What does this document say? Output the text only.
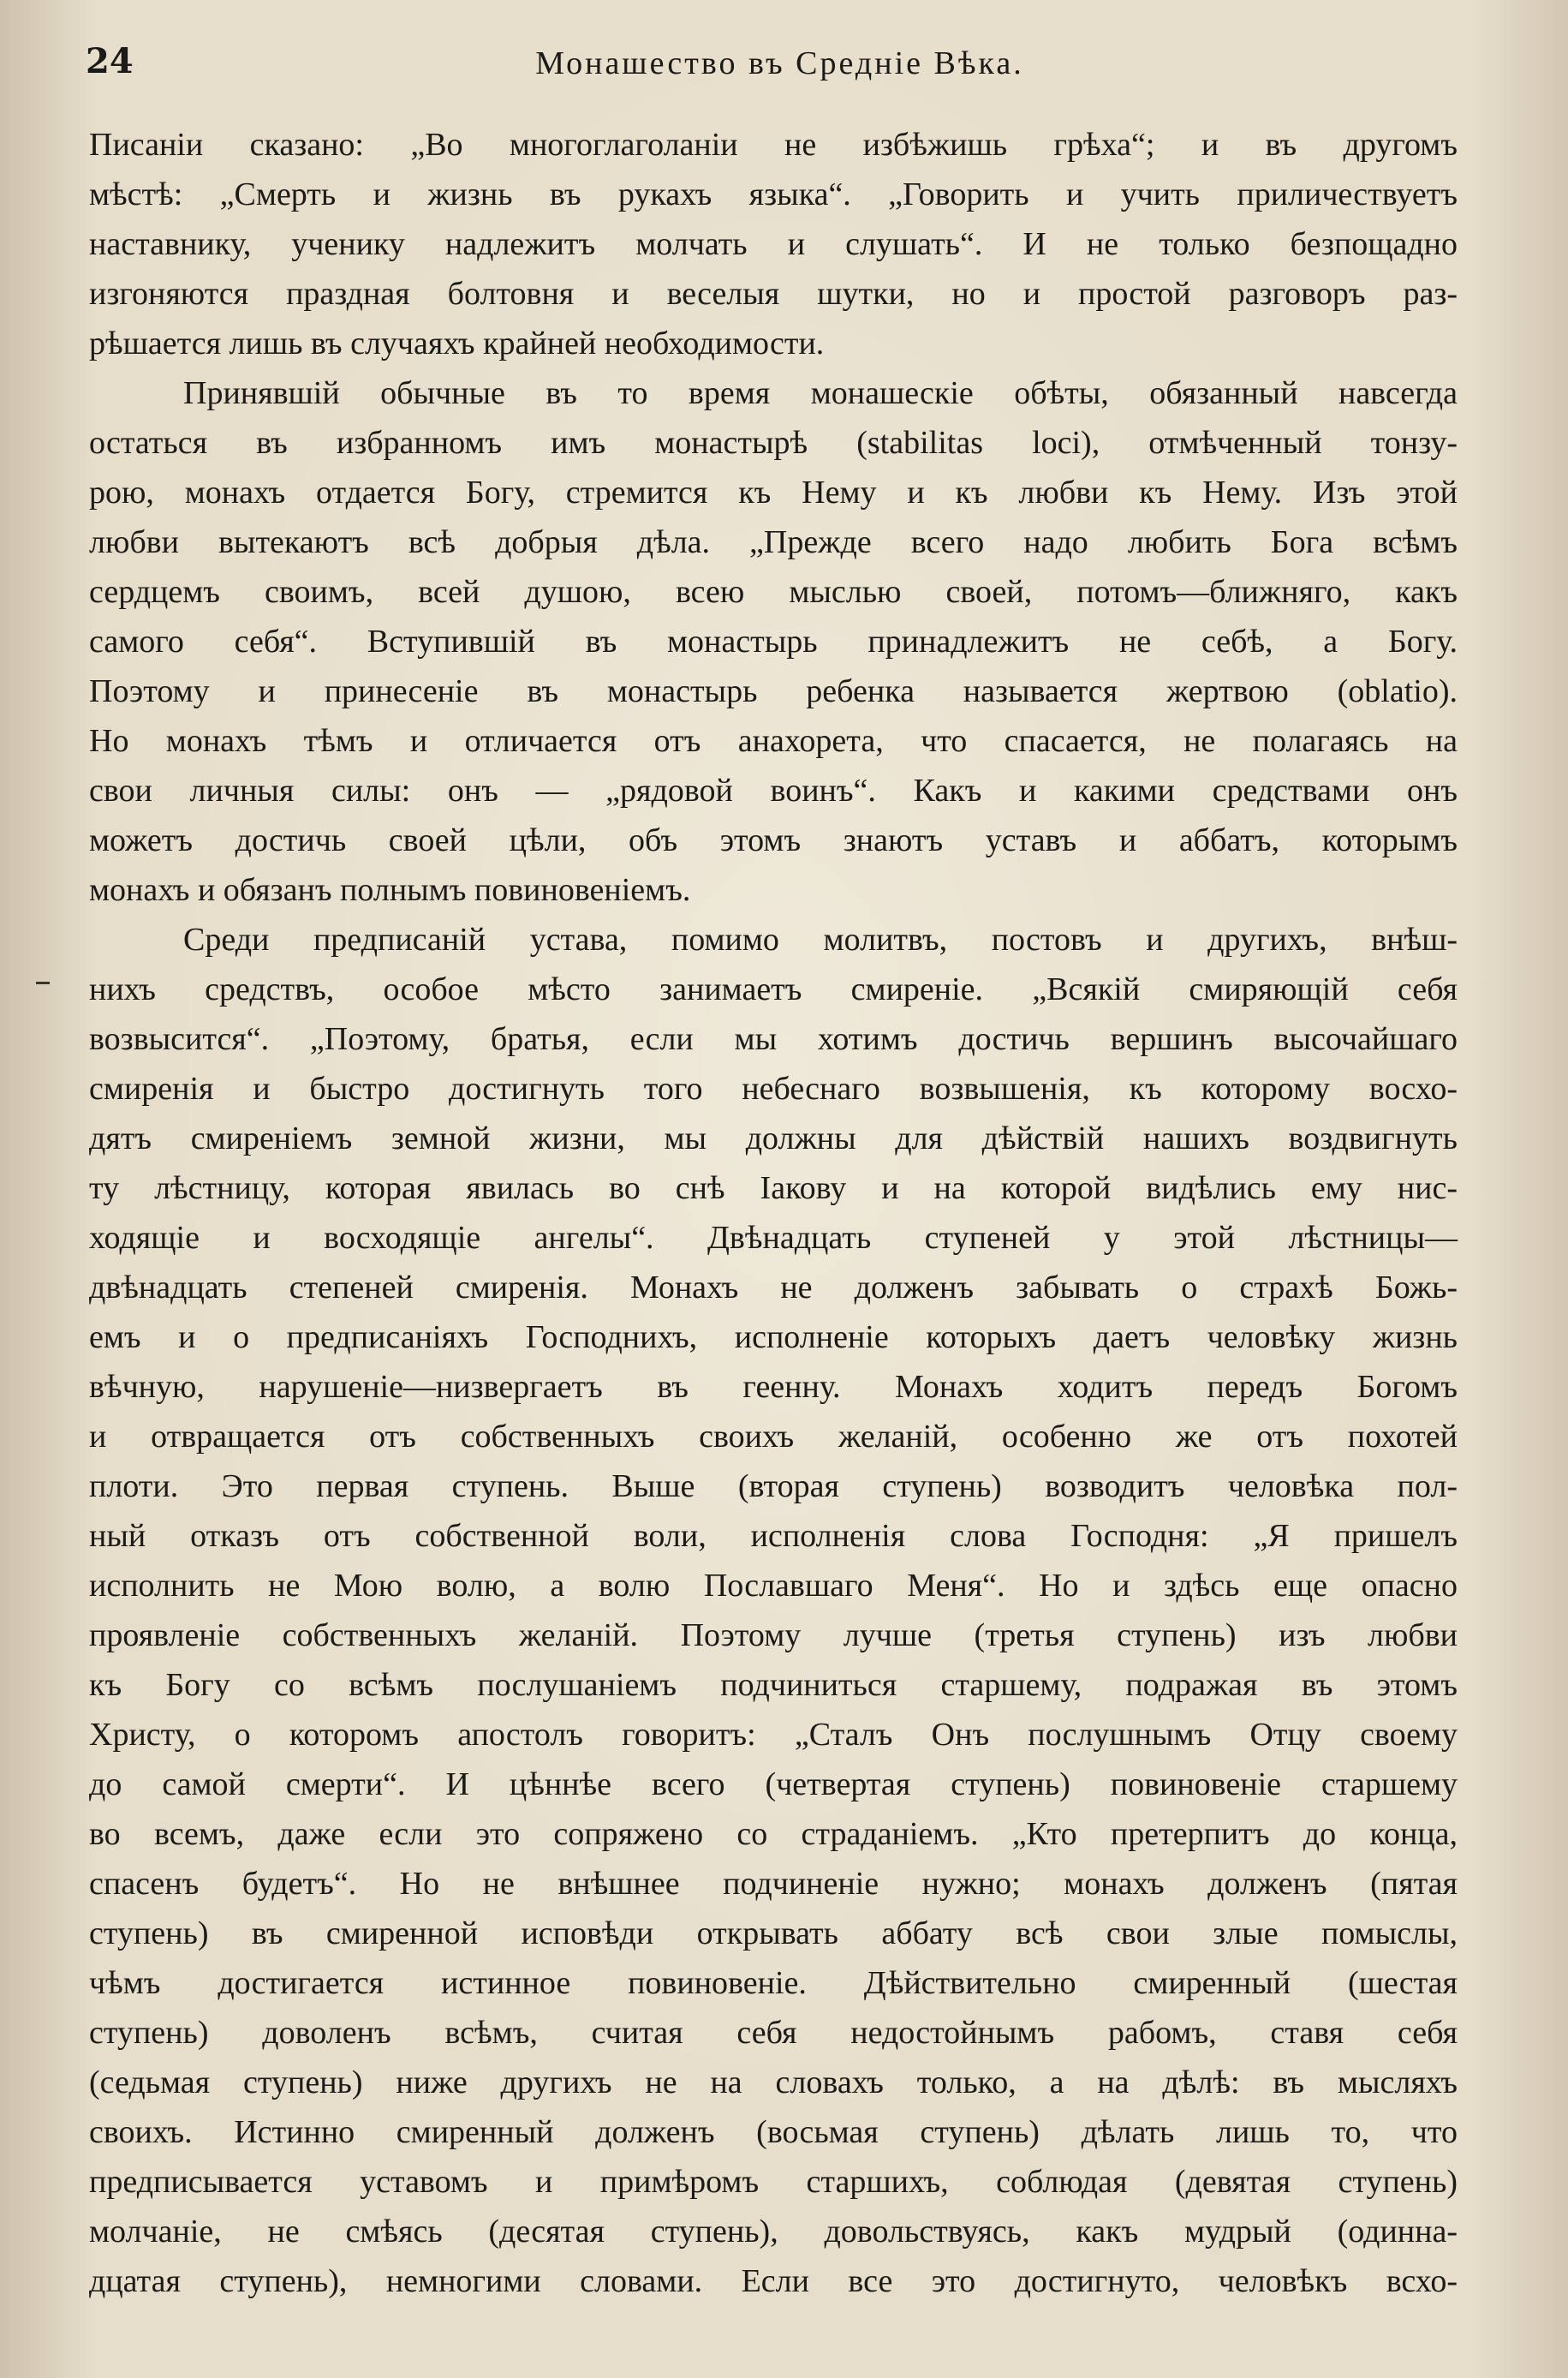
24	Монашество въ Средніе Вѣка.
Писаніи сказано: „Во многоглаголаніи не избѣжишь грѣха“; и въ другомъ
мѣстѣ: „Смерть и жизнь въ рукахъ языка“. „Говорить и учить приличествуетъ
наставнику, ученику надлежитъ молчать и слушать“. И не только безпощадно
изгоняются праздная болтовня и веселыя шутки, но и простой разговоръ раз-
рѣшается лишь въ случаяхъ крайней необходимости.
Принявшій обычные въ то время монашескіе обѣты, обязанный навсегда
остаться въ избранномъ имъ монастырѣ (stabilitas loci), отмѣченный тонзу-
рою, монахъ отдается Богу, стремится къ Нему и къ любви къ Нему. Изъ этой
любви вытекаютъ всѣ добрыя дѣла. „Прежде всего надо любить Бога всѣмъ
сердцемъ своимъ, всей душою, всею мыслью своей, потомъ—ближняго, какъ
самого себя“. Вступившій въ монастырь принадлежитъ не себѣ, а Богу.
Поэтому и принесеніе въ монастырь ребенка называется жертвою (oblatio).
Но монахъ тѣмъ и отличается отъ анахорета, что спасается, не полагаясь на
свои личныя силы: онъ — „рядовой воинъ“. Какъ и какими средствами онъ
можетъ достичь своей цѣли, объ этомъ знаютъ уставъ и аббатъ, которымъ
монахъ и обязанъ полнымъ повиновеніемъ.
Среди предписаній устава, помимо молитвъ, постовъ и другихъ, внѣш-
нихъ средствъ, особое мѣсто занимаетъ смиреніе. „Всякій смиряющій себя
возвысится“. „Поэтому, братья, если мы хотимъ достичь вершинъ высочайшаго
смиренія и быстро достигнуть того небеснаго возвышенія, къ которому восхо-
дятъ смиреніемъ земной жизни, мы должны для дѣйствій нашихъ воздвигнуть
ту лѣстницу, которая явилась во снѣ Іакову и на которой видѣлись ему нис-
ходящіе и восходящіе ангелы“. Двѣнадцать ступеней у этой лѣстницы—
двѣнадцать степеней смиренія. Монахъ не долженъ забывать о страхѣ Божь-
емъ и о предписаніяхъ Господнихъ, исполненіе которыхъ даетъ человѣку жизнь
вѣчную, нарушеніе—низвергаетъ въ геенну. Монахъ ходитъ передъ Богомъ
и отвращается отъ собственныхъ своихъ желаній, особенно же отъ похотей
плоти. Это первая ступень. Выше (вторая ступень) возводитъ человѣка пол-
ный отказъ отъ собственной воли, исполненія слова Господня: „Я пришелъ
исполнить не Мою волю, а волю Пославшаго Меня“. Но и здѣсь еще опасно
проявленіе собственныхъ желаній. Поэтому лучше (третья ступень) изъ любви
къ Богу со всѣмъ послушаніемъ подчиниться старшему, подражая въ этомъ
Христу, о которомъ апостолъ говоритъ: „Сталъ Онъ послушнымъ Отцу своему
до самой смерти“. И цѣннѣе всего (четвертая ступень) повиновеніе старшему
во всемъ, даже если это сопряжено со страданіемъ. „Кто претерпитъ до конца,
спасенъ будетъ“. Но не внѣшнее подчиненіе нужно; монахъ долженъ (пятая
ступень) въ смиренной исповѣди открывать аббату всѣ свои злые помыслы,
чѣмъ достигается истинное повиновеніе. Дѣйствительно смиренный (шестая
ступень) доволенъ всѣмъ, считая себя недостойнымъ рабомъ, ставя себя
(седьмая ступень) ниже другихъ не на словахъ только, а на дѣлѣ: въ мысляхъ
своихъ. Истинно смиренный долженъ (восьмая ступень) дѣлать лишь то, что
предписывается уставомъ и примѣромъ старшихъ, соблюдая (девятая ступень)
молчаніе, не смѣясь (десятая ступень), довольствуясь, какъ мудрый (одинна-
дцатая ступень), немногими словами. Если все это достигнуто, человѣкъ всхо-
